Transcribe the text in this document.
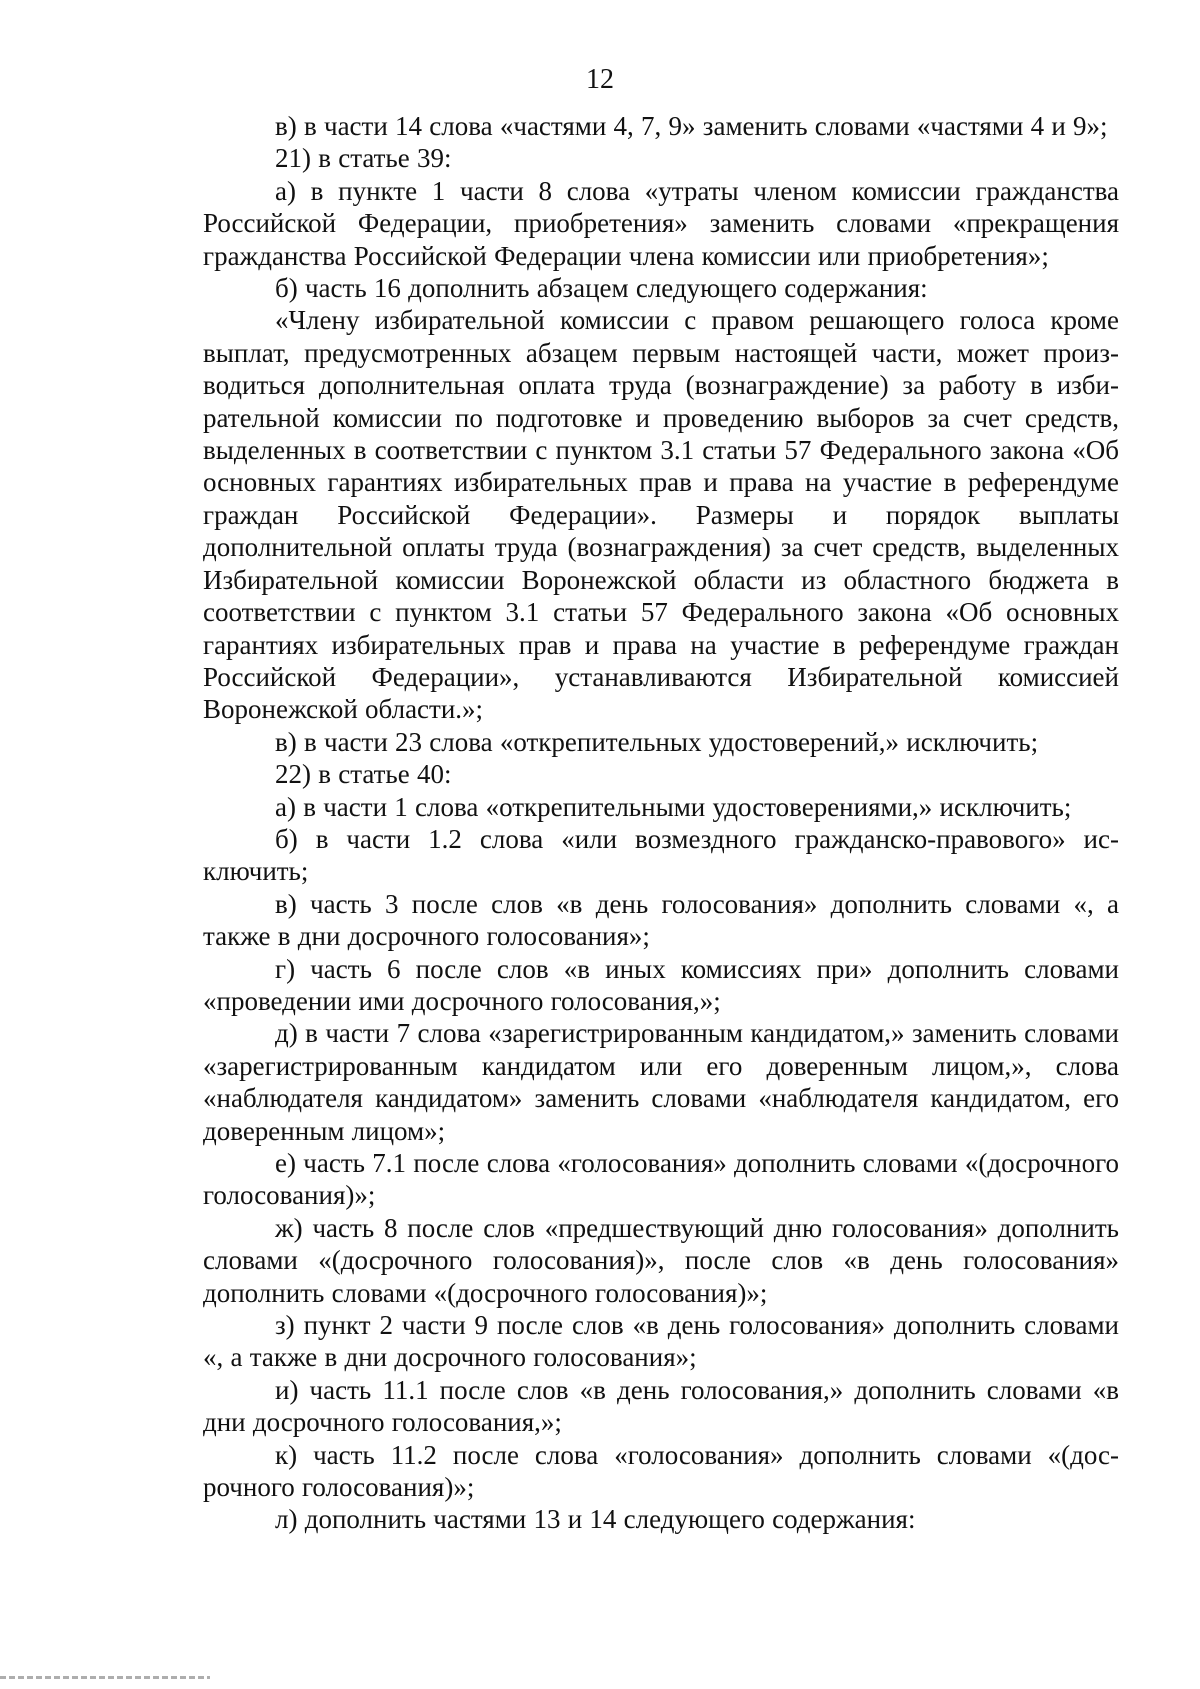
12

в) в части 14 слова «частями 4, 7, 9» заменить словами «частями 4 и 9»;

21) в статье 39:

а) в пункте 1 части 8 слова «утраты членом комиссии гражданства Российской Федерации, приобретения» заменить словами «прекращения гражданства Российской Федерации члена комиссии или приобретения»;

б) часть 16 дополнить абзацем следующего содержания:

«Члену избирательной комиссии с правом решающего голоса кроме выплат, предусмотренных абзацем первым настоящей части, может производиться дополнительная оплата труда (вознаграждение) за работу в избирательной комиссии по подготовке и проведению выборов за счет средств, выделенных в соответствии с пунктом 3.1 статьи 57 Федерального закона «Об основных гарантиях избирательных прав и права на участие в референдуме граждан Российской Федерации». Размеры и порядок выплаты дополнительной оплаты труда (вознаграждения) за счет средств, выделенных Избирательной комиссии Воронежской области из областного бюджета в соответствии с пунктом 3.1 статьи 57 Федерального закона «Об основных гарантиях избирательных прав и права на участие в референдуме граждан Российской Федерации», устанавливаются Избирательной комиссией Воронежской области.»;

в) в части 23 слова «открепительных удостоверений,» исключить;

22) в статье 40:

а) в части 1 слова «открепительными удостоверениями,» исключить;

б) в части 1.2 слова «или возмездного гражданско-правового» исключить;

в) часть 3 после слов «в день голосования» дополнить словами «, а также в дни досрочного голосования»;

г) часть 6 после слов «в иных комиссиях при» дополнить словами «проведении ими досрочного голосования,»;

д) в части 7 слова «зарегистрированным кандидатом,» заменить словами «зарегистрированным кандидатом или его доверенным лицом,», слова «наблюдателя кандидатом» заменить словами «наблюдателя кандидатом, его доверенным лицом»;

е) часть 7.1 после слова «голосования» дополнить словами «(досрочного голосования)»;

ж) часть 8 после слов «предшествующий дню голосования» дополнить словами «(досрочного голосования)», после слов «в день голосования» дополнить словами «(досрочного голосования)»;

з) пункт 2 части 9 после слов «в день голосования» дополнить словами «, а также в дни досрочного голосования»;

и) часть 11.1 после слов «в день голосования,» дополнить словами «в дни досрочного голосования,»;

к) часть 11.2 после слова «голосования» дополнить словами «(досрочного голосования)»;

л) дополнить частями 13 и 14 следующего содержания:
